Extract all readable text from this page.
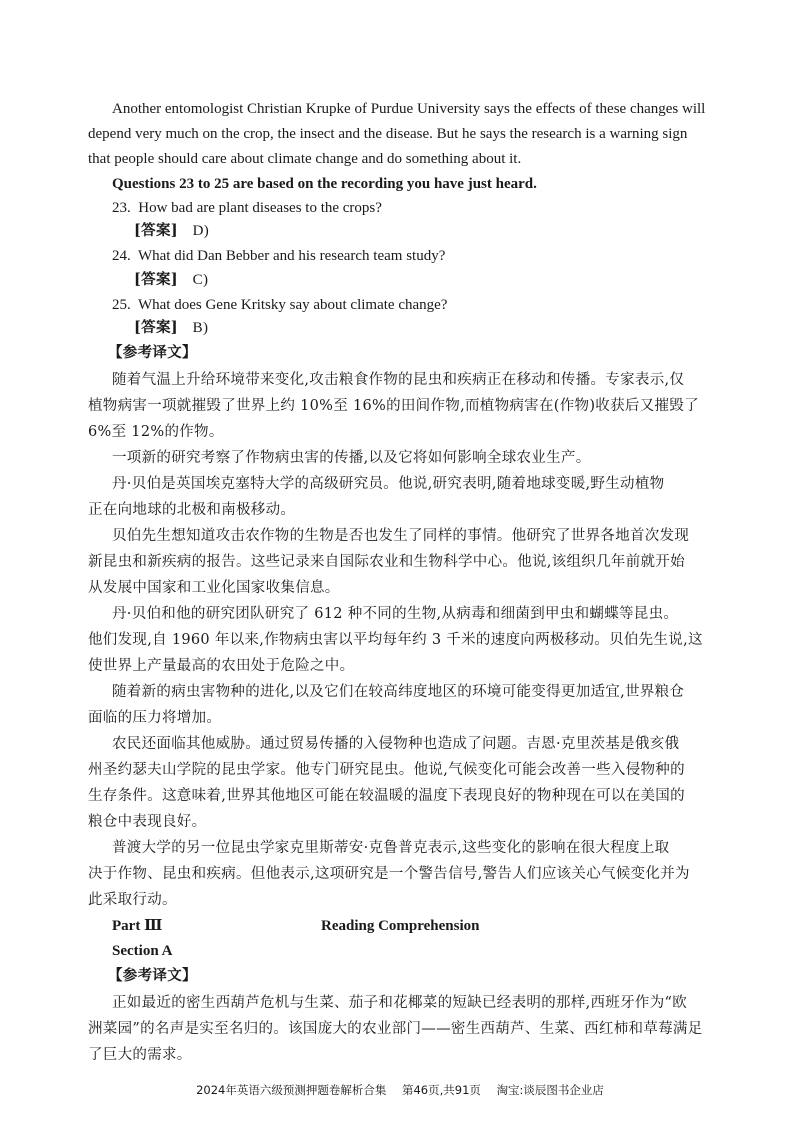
Another entomologist Christian Krupke of Purdue University says the effects of these changes will
depend very much on the crop, the insect and the disease. But he says the research is a warning sign
that people should care about climate change and do something about it.
Questions 23 to 25 are based on the recording you have just heard.
23. How bad are plant diseases to the crops?
[答案] D)
24. What did Dan Bebber and his research team study?
[答案] C)
25. What does Gene Kritsky say about climate change?
[答案] B)
【参考译文】
随着气温上升给环境带来变化,攻击粮食作物的昆虫和疾病正在移动和传播。专家表示,仅
植物病害一项就摧毁了世界上约 10%至 16%的田间作物,而植物病害在(作物)收获后又摧毁了
6%至 12%的作物。
一项新的研究考察了作物病虫害的传播,以及它将如何影响全球农业生产。
丹·贝伯是英国埃克塞特大学的高级研究员。他说,研究表明,随着地球变暖,野生动植物
正在向地球的北极和南极移动。
贝伯先生想知道攻击农作物的生物是否也发生了同样的事情。他研究了世界各地首次发现
新昆虫和新疾病的报告。这些记录来自国际农业和生物科学中心。他说,该组织几年前就开始
从发展中国家和工业化国家收集信息。
丹·贝伯和他的研究团队研究了 612 种不同的生物,从病毒和细菌到甲虫和蝴蝶等昆虫。
他们发现,自 1960 年以来,作物病虫害以平均每年约 3 千米的速度向两极移动。贝伯先生说,这
使世界上产量最高的农田处于危险之中。
随着新的病虫害物种的进化,以及它们在较高纬度地区的环境可能变得更加适宜,世界粮仓
面临的压力将增加。
农民还面临其他威胁。通过贸易传播的入侵物种也造成了问题。吉恩·克里茨基是俄亥俄
州圣约瑟夫山学院的昆虫学家。他专门研究昆虫。他说,气候变化可能会改善一些入侵物种的
生存条件。这意味着,世界其他地区可能在较温暖的温度下表现良好的物种现在可以在美国的
粮仓中表现良好。
普渡大学的另一位昆虫学家克里斯蒂安·克鲁普克表示,这些变化的影响在很大程度上取
决于作物、昆虫和疾病。但他表示,这项研究是一个警告信号,警告人们应该关心气候变化并为
此采取行动。
Part Ⅲ	Reading Comprehension
Section A
【参考译文】
正如最近的密生西葫芦危机与生菜、茄子和花椰菜的短缺已经表明的那样,西班牙作为“欧
洲菜园”的名声是实至名归的。该国庞大的农业部门——密生西葫芦、生菜、西红柿和草莓满足
了巨大的需求。
2024年英语六级预测押题卷解析合集 第46页,共91页 淘宝:谈辰图书企业店
